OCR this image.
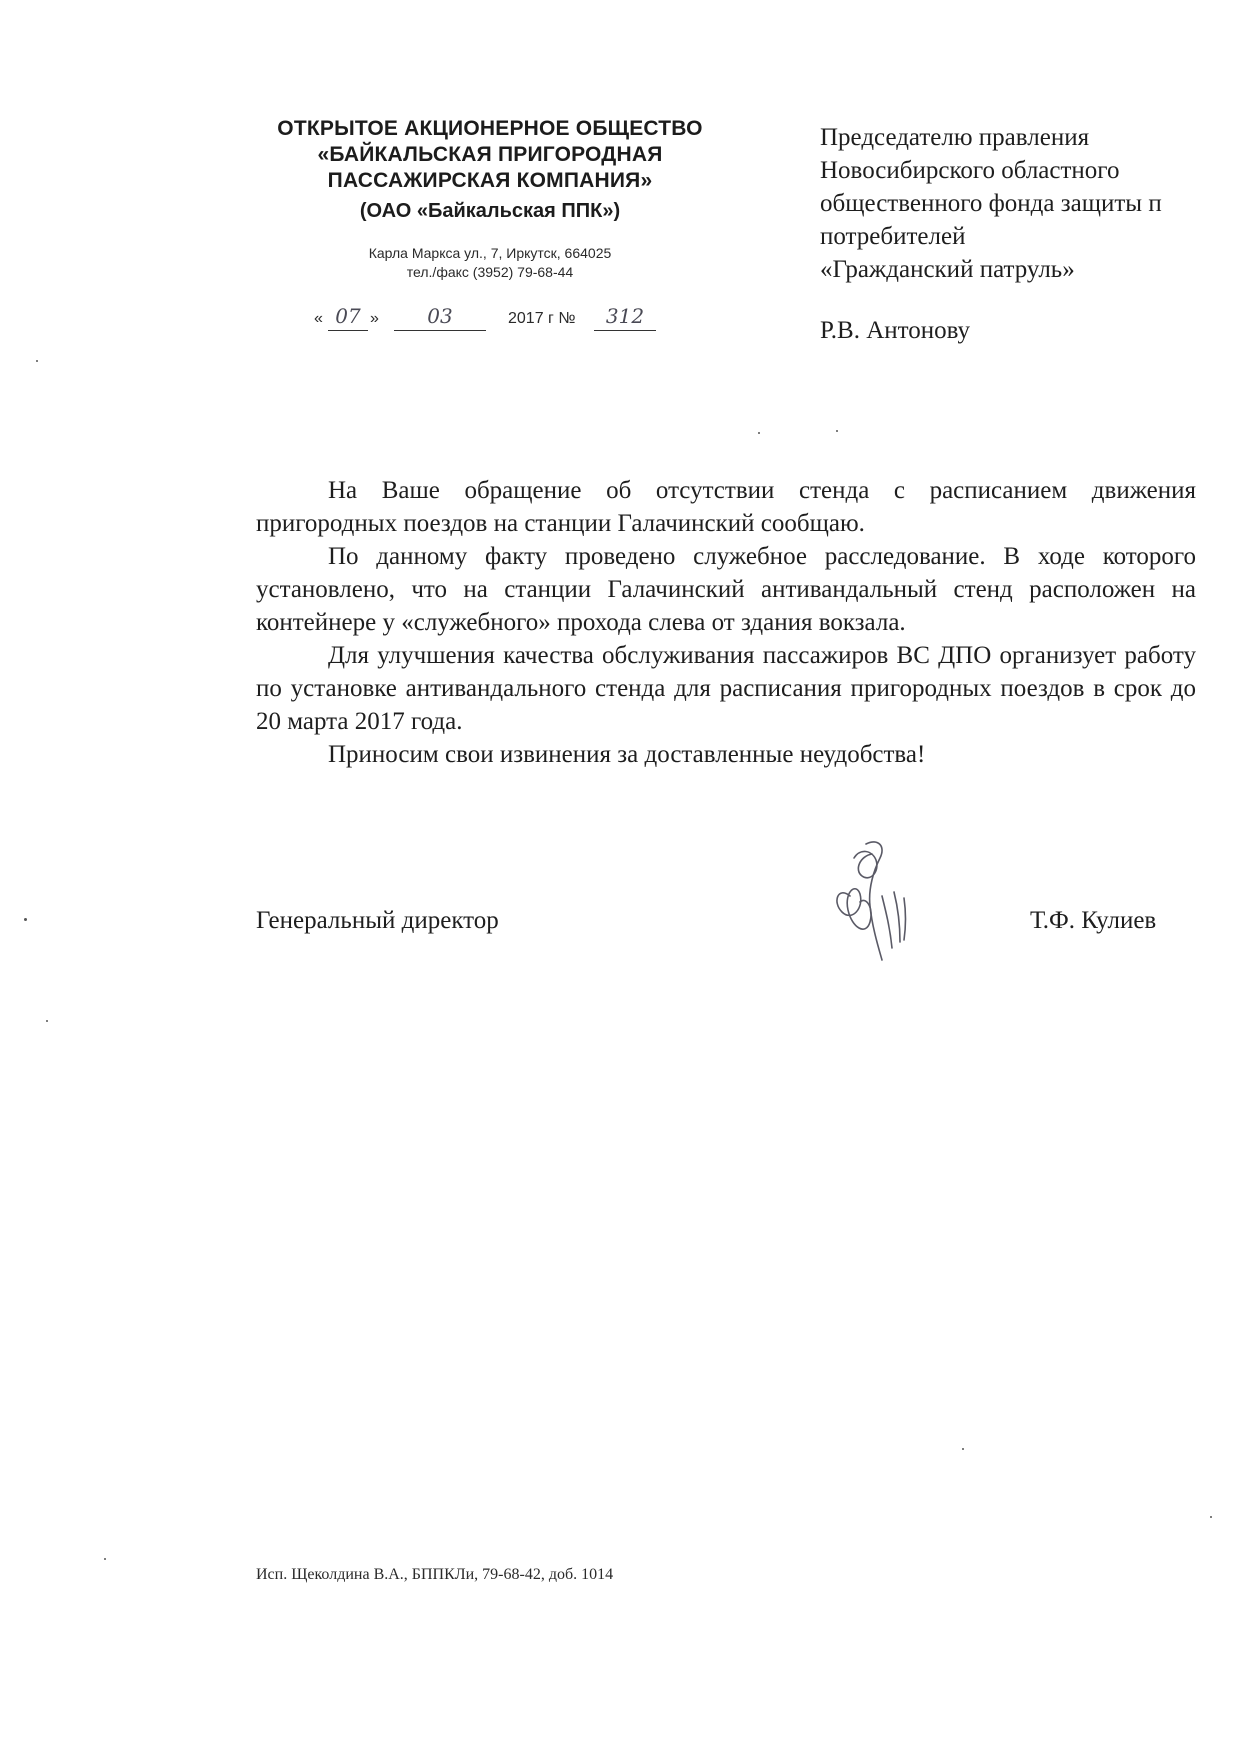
ОТКРЫТОЕ АКЦИОНЕРНОЕ ОБЩЕСТВО
«БАЙКАЛЬСКАЯ ПРИГОРОДНАЯ
ПАССАЖИРСКАЯ КОМПАНИЯ»
(ОАО «Байкальская ППК»)
Карла Маркса ул., 7, Иркутск, 664025
тел./факс (3952) 79-68-44
« 07 »	03	2017 г №	312
Председателю правления
Новосибирского областного
общественного фонда защиты п
потребителей
«Гражданский патруль»
Р.В. Антонову

На Ваше обращение об отсутствии стенда с расписанием движения пригородных поездов на станции Галачинский сообщаю.

По данному факту проведено служебное расследование. В ходе которого установлено, что на станции Галачинский антивандальный стенд расположен на контейнере у «служебного» прохода слева от здания вокзала.

Для улучшения качества обслуживания пассажиров ВС ДПО организует работу по установке антивандального стенда для расписания пригородных поездов в срок до 20 марта 2017 года.

Приносим свои извинения за доставленные неудобства!

Генеральный директор	Т.Ф. Кулиев
Исп. Щеколдина В.А., БППКЛи, 79-68-42, доб. 1014
